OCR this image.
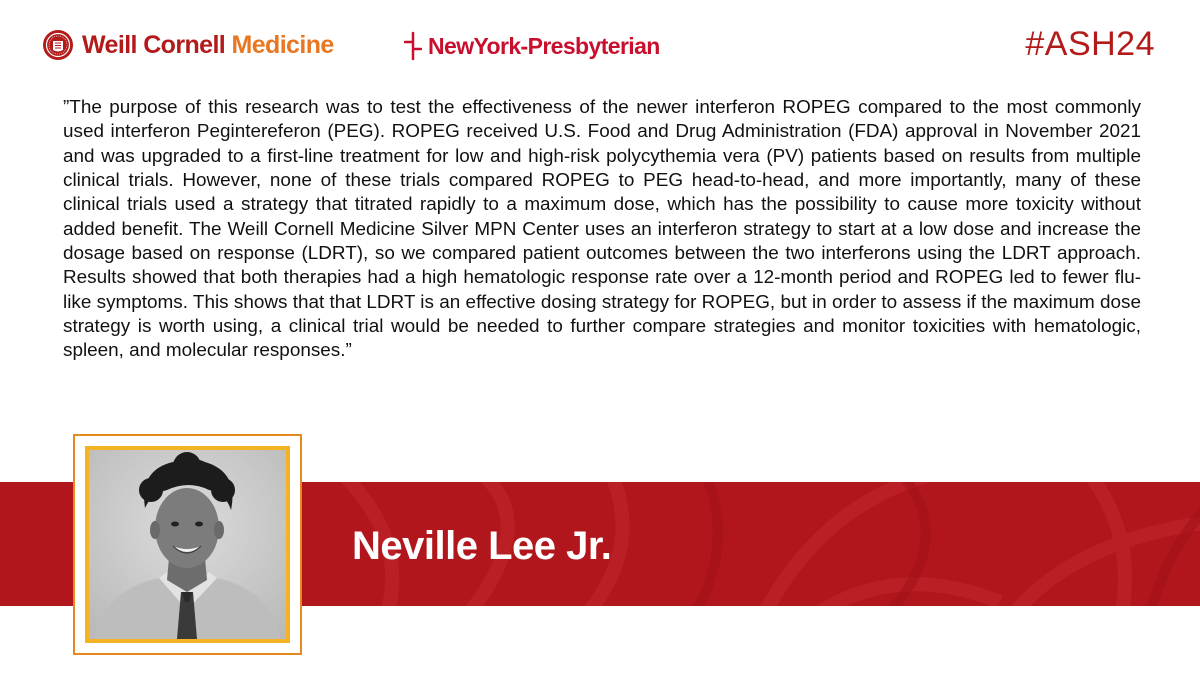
Weill Cornell Medicine	NewYork-Presbyterian	#ASH24

”The purpose of this research was to test the effectiveness of the newer interferon ROPEG compared to the most commonly used interferon Pegintereferon (PEG). ROPEG received U.S. Food and Drug Administration (FDA) approval in November 2021 and was upgraded to a first-line treatment for low and high-risk polycythemia vera (PV) patients based on results from multiple clinical trials. However, none of these trials compared ROPEG to PEG head-to-head, and more importantly, many of these clinical trials used a strategy that titrated rapidly to a maximum dose, which has the possibility to cause more toxicity without added benefit. The Weill Cornell Medicine Silver MPN Center uses an interferon strategy to start at a low dose and increase the dosage based on response (LDRT), so we compared patient outcomes between the two interferons using the LDRT approach. Results showed that both therapies had a high hematologic response rate over a 12-month period and ROPEG led to fewer flu-like symptoms. This shows that that LDRT is an effective dosing strategy for ROPEG, but in order to assess if the maximum dose strategy is worth using, a clinical trial would be needed to further compare strategies and monitor toxicities with hematologic, spleen, and molecular responses.”

Neville Lee Jr.
